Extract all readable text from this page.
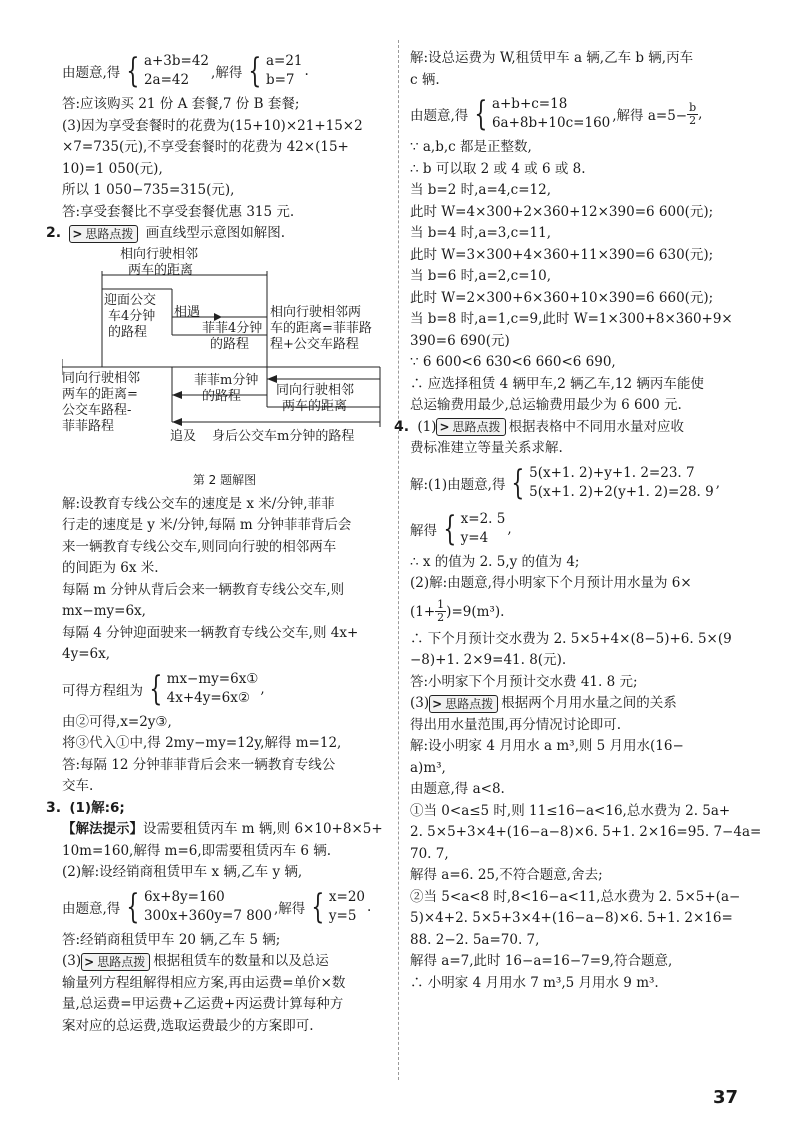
由题意,得 { a+3b=42
2a=42	,解得 { a=21
b=7
.
答:应该购买 21 份 A 套餐,7 份 B 套餐;
(3)因为享受套餐时的花费为(15+10)×21+15×2
×7=735(元),不享受套餐时的花费为 42×(15+
10)=1 050(元),
所以 1 050−735=315(元),
答:享受套餐比不享受套餐优惠 315 元.
2. > 思路点拨 画直线型示意图如解图.
相向行驶相邻
两车的距离
迎面公交
车4分钟
的路程
相遇
菲菲4分钟
的路程
相向行驶相邻两
车的距离=菲菲路
程+公交车路程
同向行驶相邻
两车的距离=
公交车路程-
菲菲路程
菲菲m分钟
的路程	同向行驶相邻
两车的距离
追及 身后公交车m分钟的路程
第 2 题解图
解:设教育专线公交车的速度是 x 米/分钟,菲菲
行走的速度是 y 米/分钟,每隔 m 分钟菲菲背后会
来一辆教育专线公交车,则同向行驶的相邻两车
的间距为 6x 米.
每隔 m 分钟从背后会来一辆教育专线公交车,则
mx−my=6x,
每隔 4 分钟迎面驶来一辆教育专线公交车,则 4x+
4y=6x,
可得方程组为 { mx−my=6x①
4x+4y=6x②
,
由②可得,x=2y③,
将③代入①中,得 2my−my=12y,解得 m=12,
答:每隔 12 分钟菲菲背后会来一辆教育专线公
交车.
3. (1)解:6;
【解法提示】设需要租赁丙车 m 辆,则 6×10+8×5+
10m=160,解得 m=6,即需要租赁丙车 6 辆.
(2)解:设经销商租赁甲车 x 辆,乙车 y 辆,
由题意,得 { 6x+8y=160
300x+360y=7 800 ,解得 { x=20
y=5
.
答:经销商租赁甲车 20 辆,乙车 5 辆;
(3) > 思路点拨 根据租赁车的数量和以及总运
输量列方程组解得相应方案,再由运费=单价×数
量,总运费=甲运费+乙运费+丙运费计算每种方
案对应的总运费,选取运费最少的方案即可.
解:设总运费为 W,租赁甲车 a 辆,乙车 b 辆,丙车
c 辆.
由题意,得 { a+b+c=18
6a+8b+10c=160 ,解得 $a=5- \frac{b}{2}$ ,
∵ a,b,c 都是正整数,
∴ b 可以取 2 或 4 或 6 或 8.
当 b=2 时,a=4,c=12,
此时 W=4×300+2×360+12×390=6 600(元);
当 b=4 时,a=3,c=11,
此时 W=3×300+4×360+11×390=6 630(元);
当 b=6 时,a=2,c=10,
此时 W=2×300+6×360+10×390=6 660(元);
当 b=8 时,a=1,c=9,此时 W=1×300+8×360+9×
390=6 690(元)
∵ 6 600<6 630<6 660<6 690,
∴ 应选择租赁 4 辆甲车,2 辆乙车,12 辆丙车能使
总运输费用最少,总运输费用最少为 6 600 元.
4. (1) > 思路点拨 根据表格中不同用水量对应收
费标准建立等量关系求解.
解:(1)由题意,得 { 5(x+1. 2)+y+1. 2=23. 7
5(x+1. 2)+2(y+1. 2)=28. 9
,
解得 { x=2. 5
y=4
,
∴ x 的值为 2. 5,y 的值为 4;
(2)解:由题意,得小明家下个月预计用水量为 6×
$(1+ \frac{1}{2} )=9(m^3)$.
∴ 下个月预计交水费为 2. 5×5+4×(8−5)+6. 5×(9
−8)+1. 2×9=41. 8(元).
答:小明家下个月预计交水费 41. 8 元;
(3) > 思路点拨 根据两个月用水量之间的关系
得出用水量范围,再分情况讨论即可.
解:设小明家 4 月用水 a m³,则 5 月用水(16−
a)m³,
由题意,得 a<8.
①当 0<a≤5 时,则 11≤16−a<16,总水费为 2. 5a+
2. 5×5+3×4+(16−a−8)×6. 5+1. 2×16=95. 7−4a=
70. 7,
解得 a=6. 25,不符合题意,舍去;
②当 5<a<8 时,8<16−a<11,总水费为 2. 5×5+(a−
5)×4+2. 5×5+3×4+(16−a−8)×6. 5+1. 2×16=
88. 2−2. 5a=70. 7,
解得 a=7,此时 16−a=16−7=9,符合题意,
∴ 小明家 4 月用水 7 m³,5 月用水 9 m³.
37
